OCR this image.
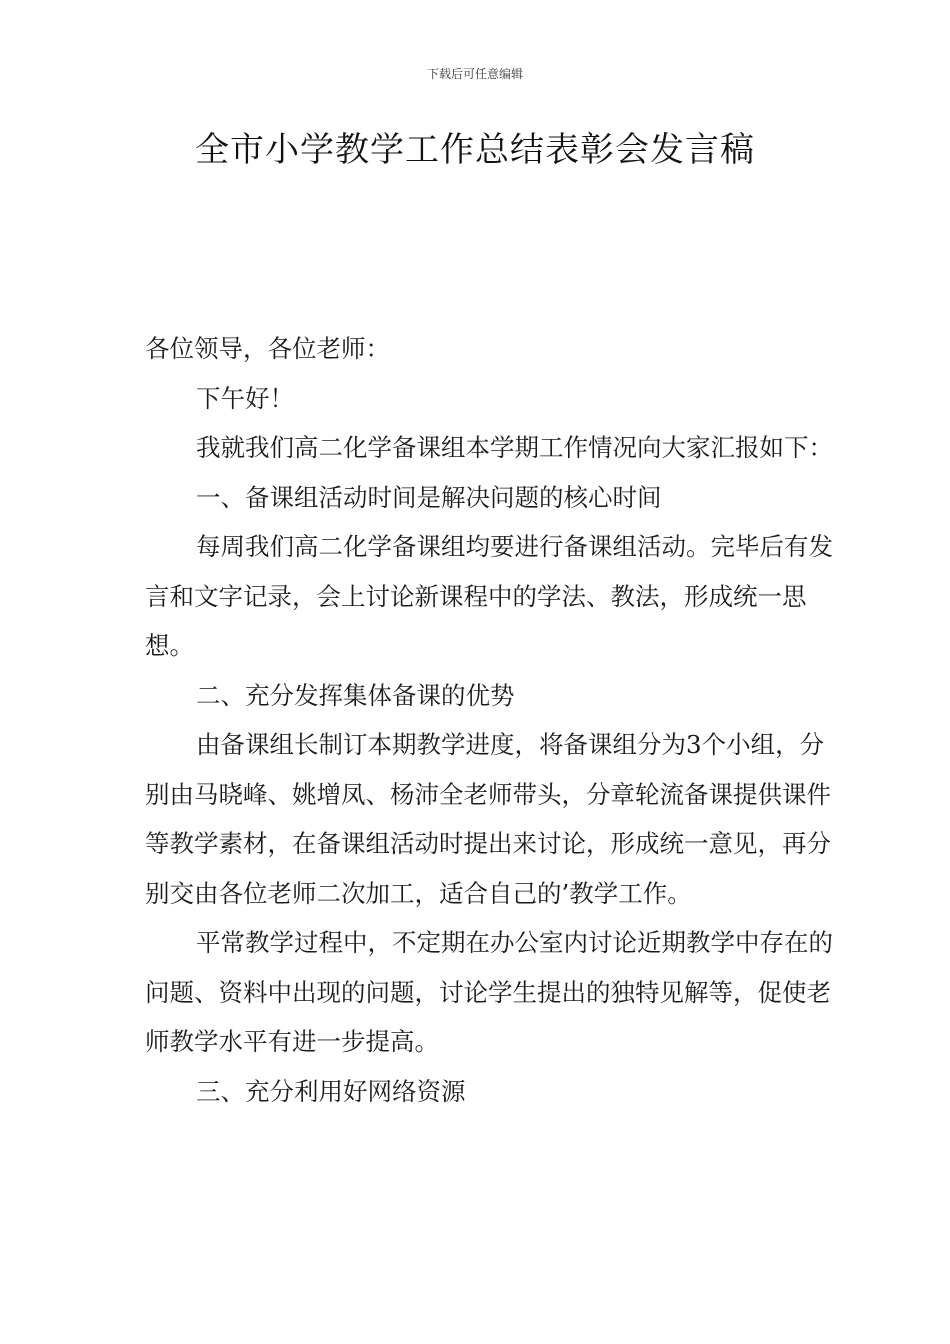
下载后可任意编辑
全市小学教学工作总结表彰会发言稿

各位领导，各位老师：

下午好！

我就我们高二化学备课组本学期工作情况向大家汇报如下：

一、备课组活动时间是解决问题的核心时间

每周我们高二化学备课组均要进行备课组活动。完毕后有发言和文字记录，会上讨论新课程中的学法、教法，形成统一思想。

二、充分发挥集体备课的优势

由备课组长制订本期教学进度，将备课组分为3个小组，分别由马晓峰、姚增凤、杨沛全老师带头，分章轮流备课提供课件等教学素材，在备课组活动时提出来讨论，形成统一意见，再分别交由各位老师二次加工，适合自己的’教学工作。

平常教学过程中，不定期在办公室内讨论近期教学中存在的问题、资料中出现的问题，讨论学生提出的独特见解等，促使老师教学水平有进一步提高。

三、充分利用好网络资源
